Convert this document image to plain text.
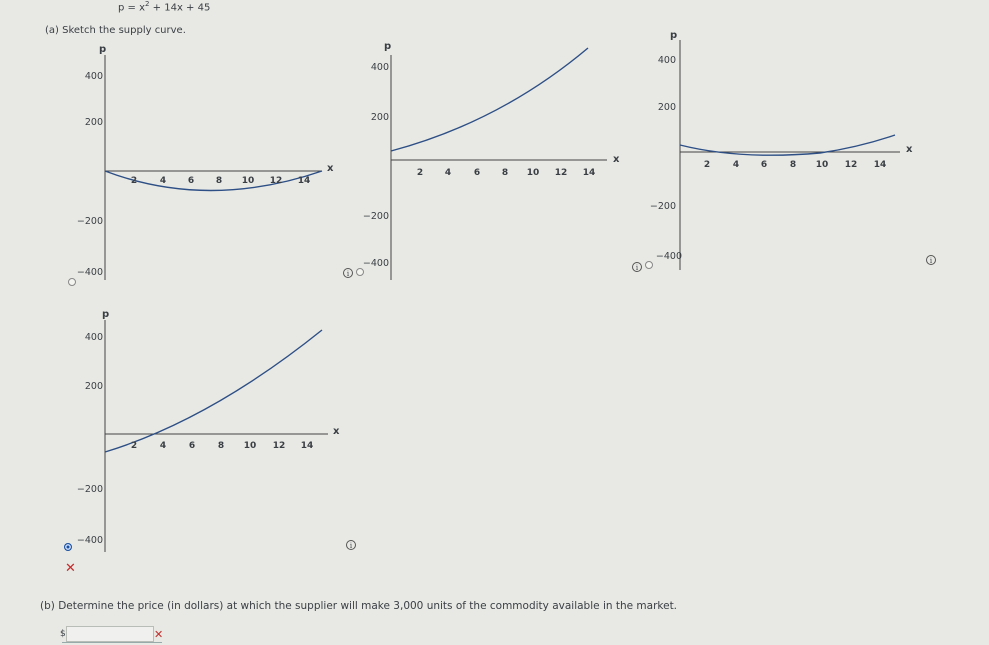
$p = x^2 + 14x + 45$
(a) Sketch the supply curve.
p
x
400
200
−200
−400
2	4 6 8 10 12 14
p
x
400
200
−200
−400
2 4	6 8 10 12 14
i
p
x
400
200
−200
−400
2	4 6	8 10 12 14
i
i
p
x
400
200
−200
−400
2	4	6	8 10 12 14
i
✕
(b) Determine the price (in dollars) at which the supplier will make 3,000 units of the commodity available in the market.
$	✕
